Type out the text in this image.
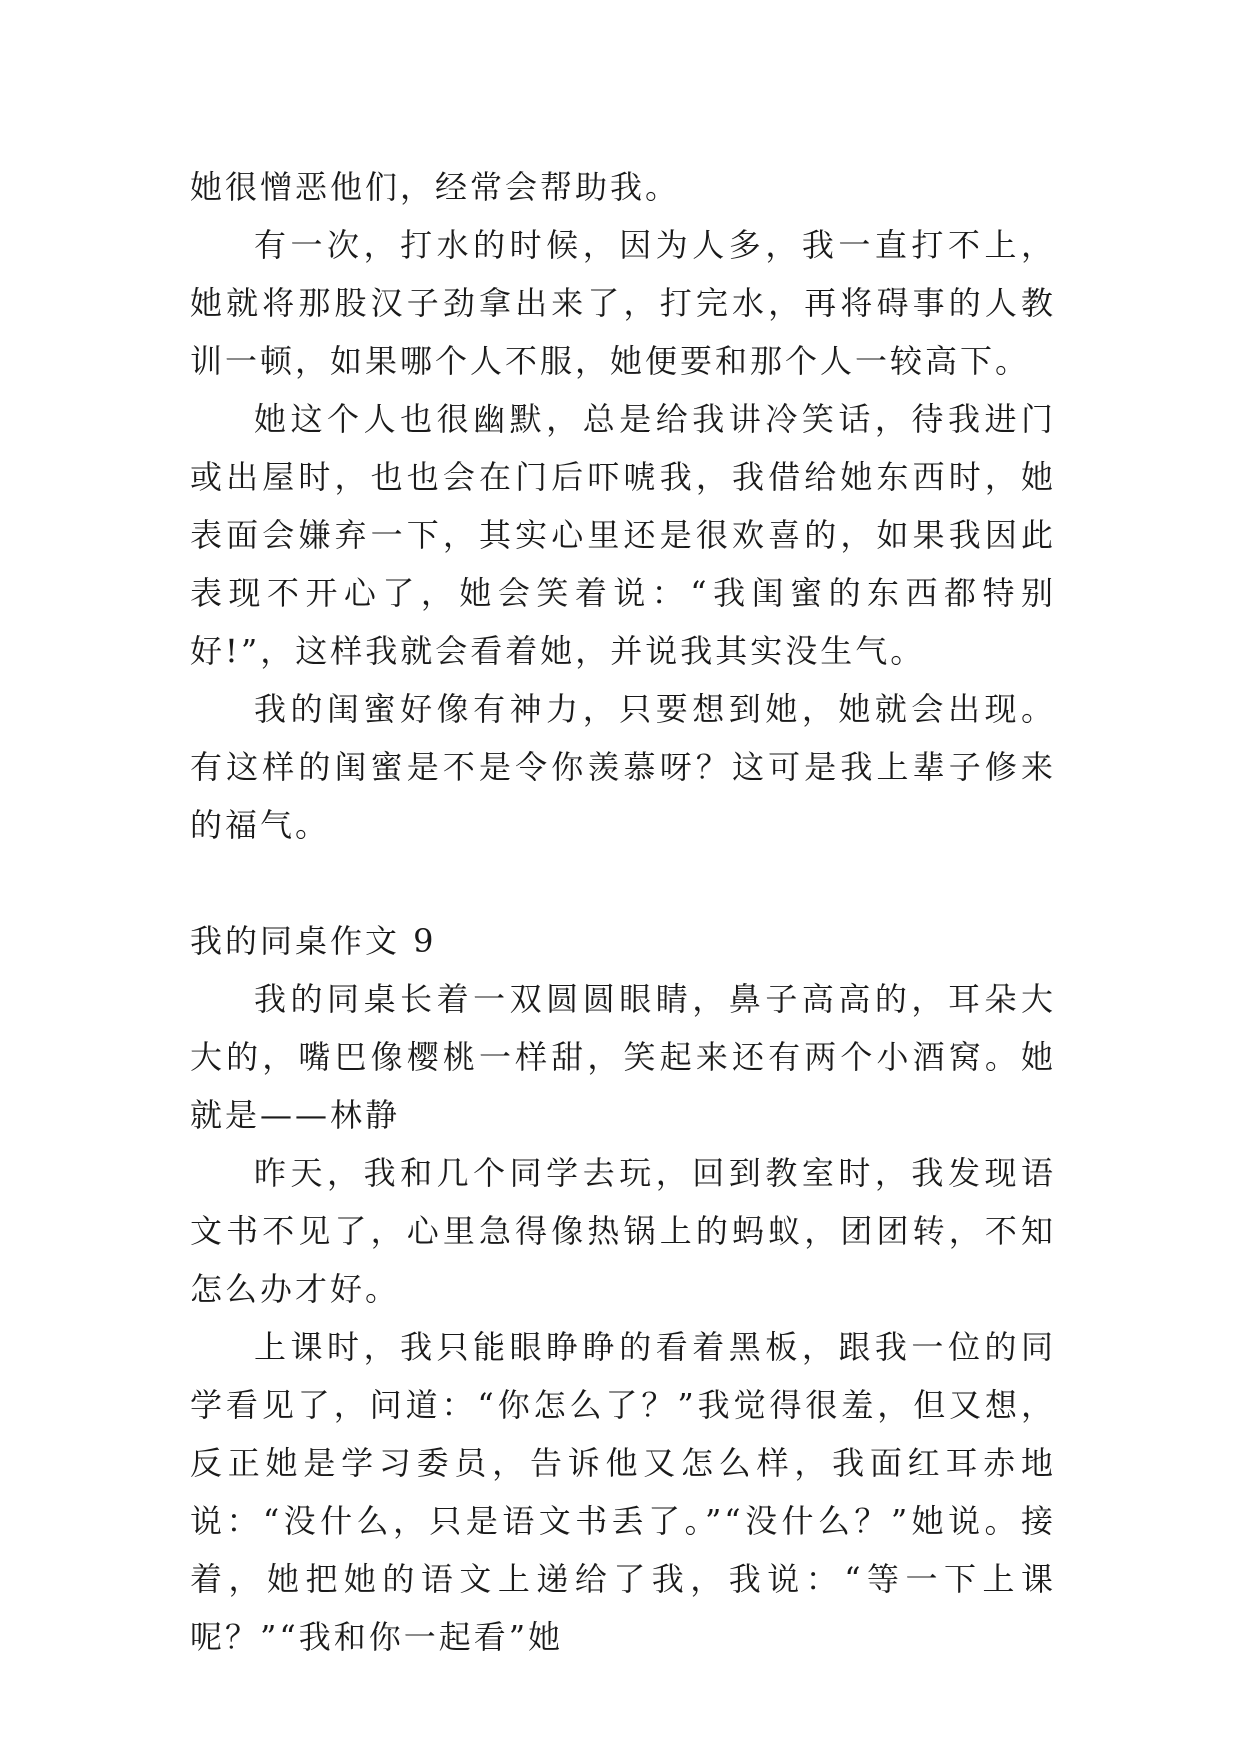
她很憎恶他们，经常会帮助我。

有一次，打水的时候，因为人多，我一直打不上，她就将那股汉子劲拿出来了，打完水，再将碍事的人教训一顿，如果哪个人不服，她便要和那个人一较高下。

她这个人也很幽默，总是给我讲冷笑话，待我进门或出屋时，也也会在门后吓唬我，我借给她东西时，她表面会嫌弃一下，其实心里还是很欢喜的，如果我因此表现不开心了，她会笑着说：“我闺蜜的东西都特别好!”，这样我就会看着她，并说我其实没生气。

我的闺蜜好像有神力，只要想到她，她就会出现。有这样的闺蜜是不是令你羡慕呀？这可是我上辈子修来的福气。

我的同桌作文 9

我的同桌长着一双圆圆眼睛，鼻子高高的，耳朵大大的，嘴巴像樱桃一样甜，笑起来还有两个小酒窝。她就是——林静

昨天，我和几个同学去玩，回到教室时，我发现语文书不见了，心里急得像热锅上的蚂蚁，团团转，不知怎么办才好。

上课时，我只能眼睁睁的看着黑板，跟我一位的同学看见了，问道：“你怎么了？”我觉得很羞，但又想，反正她是学习委员，告诉他又怎么样，我面红耳赤地说：“没什么，只是语文书丢了。”“没什么？”她说。接着，她把她的语文上递给了我，我说：“等一下上课呢？”“我和你一起看”她
